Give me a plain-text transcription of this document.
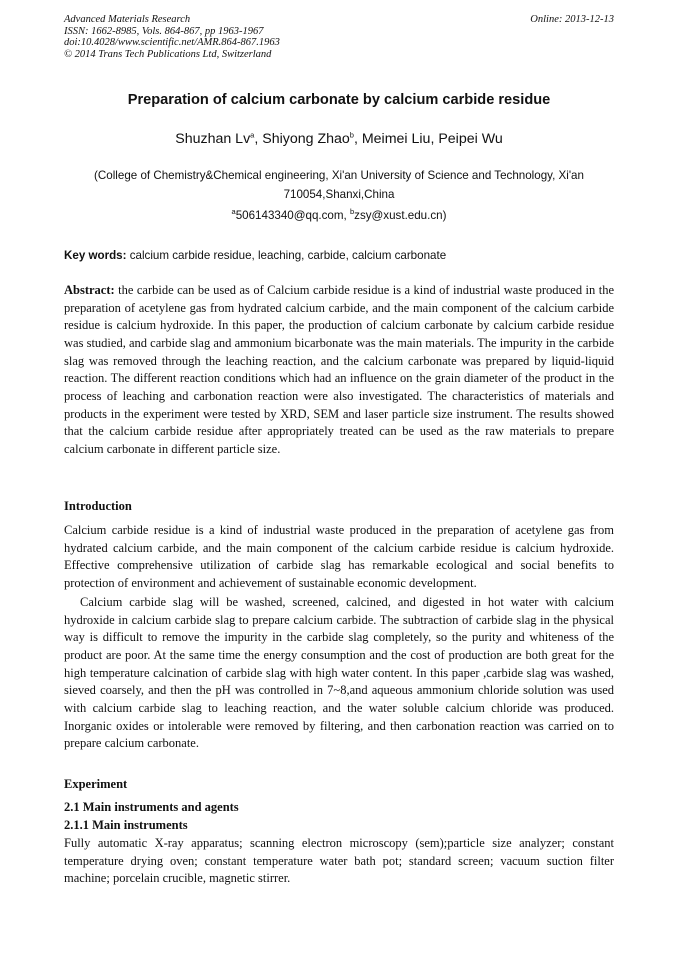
Advanced Materials Research
ISSN: 1662-8985, Vols. 864-867, pp 1963-1967
doi:10.4028/www.scientific.net/AMR.864-867.1963
© 2014 Trans Tech Publications Ltd, Switzerland
Online: 2013-12-13
Preparation of calcium carbonate by calcium carbide residue
Shuzhan Lv$^a$, Shiyong Zhao$^b$, Meimei Liu, Peipei Wu
(College of Chemistry&Chemical engineering, Xi'an University of Science and Technology, Xi'an 710054,Shanxi,China
$^a$506143340@qq.com, $^b$zsy@xust.edu.cn)
Key words: calcium carbide residue, leaching, carbide, calcium carbonate
Abstract: the carbide can be used as of Calcium carbide residue is a kind of industrial waste produced in the preparation of acetylene gas from hydrated calcium carbide, and the main component of the calcium carbide residue is calcium hydroxide. In this paper, the production of calcium carbonate by calcium carbide residue was studied, and carbide slag and ammonium bicarbonate was the main materials. The impurity in the carbide slag was removed through the leaching reaction, and the calcium carbonate was prepared by liquid-liquid reaction. The different reaction conditions which had an influence on the grain diameter of the product in the process of leaching and carbonation reaction were also investigated. The characteristics of materials and products in the experiment were tested by XRD, SEM and laser particle size instrument. The results showed that the calcium carbide residue after appropriately treated can be used as the raw materials to prepare calcium carbonate in different particle size.
Introduction
Calcium carbide residue is a kind of industrial waste produced in the preparation of acetylene gas from hydrated calcium carbide, and the main component of the calcium carbide residue is calcium hydroxide. Effective comprehensive utilization of carbide slag has remarkable ecological and social benefits to protection of environment and achievement of sustainable economic development.
Calcium carbide slag will be washed, screened, calcined, and digested in hot water with calcium hydroxide in calcium carbide slag to prepare calcium carbide. The subtraction of carbide slag in the physical way is difficult to remove the impurity in the carbide slag completely, so the purity and whiteness of the product are poor. At the same time the energy consumption and the cost of production are both great for the high temperature calcination of carbide slag with high water content. In this paper ,carbide slag was washed, sieved coarsely, and then the pH was controlled in 7~8,and aqueous ammonium chloride solution was used with calcium carbide slag to leaching reaction, and the water soluble calcium chloride was produced. Inorganic oxides or intolerable were removed by filtering, and then carbonation reaction was carried on to prepare calcium carbonate.
Experiment
2.1 Main instruments and agents
2.1.1 Main instruments
Fully automatic X-ray apparatus; scanning electron microscopy (sem);particle size analyzer; constant temperature drying oven; constant temperature water bath pot; standard screen; vacuum suction filter machine; porcelain crucible, magnetic stirrer.
